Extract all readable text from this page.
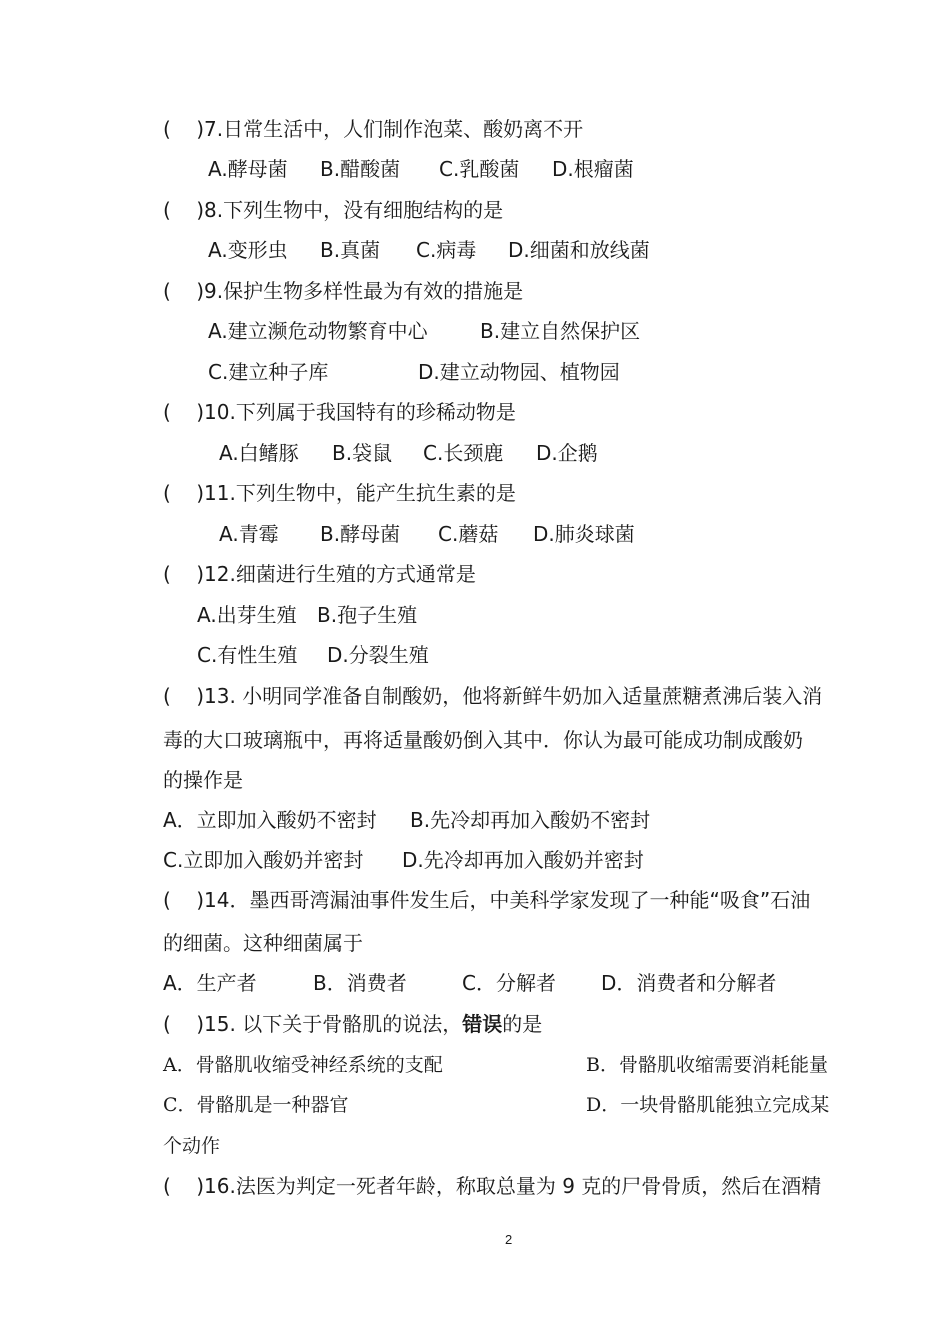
(    )7.日常生活中，人们制作泡菜、酸奶离不开
A.酵母菌 B.醋酸菌 C.乳酸菌 D.根瘤菌
(    )8.下列生物中，没有细胞结构的是
A.变形虫 B.真菌 C.病毒 D.细菌和放线菌
(    )9.保护生物多样性最为有效的措施是
A.建立濒危动物繁育中心	B.建立自然保护区
C.建立种子库	D.建立动物园、植物园
(    )10.下列属于我国特有的珍稀动物是
A.白鳍豚 B.袋鼠 C.长颈鹿 D.企鹅
(    )11.下列生物中，能产生抗生素的是
A.青霉 B.酵母菌 C.蘑菇 D.肺炎球菌
(    )12.细菌进行生殖的方式通常是
A.出芽生殖 B.孢子生殖
C.有性生殖 D.分裂生殖
(    )13. 小明同学准备自制酸奶，他将新鲜牛奶加入适量蔗糖煮沸后装入消
毒的大口玻璃瓶中，再将适量酸奶倒入其中．你认为最可能成功制成酸奶
的操作是
A．立即加入酸奶不密封 B.先冷却再加入酸奶不密封
C.立即加入酸奶并密封 D.先冷却再加入酸奶并密封
(    )14．墨西哥湾漏油事件发生后，中美科学家发现了一种能“吸食”石油
的细菌。这种细菌属于
A．生产者	B．消费者	C．分解者 D．消费者和分解者
(    )15. 以下关于骨骼肌的说法，错误的是
A．骨骼肌收缩受神经系统的支配	B．骨骼肌收缩需要消耗能量
C．骨骼肌是一种器官	D．一块骨骼肌能独立完成某
个动作
(    )16.法医为判定一死者年龄，称取总量为 9 克的尸骨骨质，然后在酒精
2
